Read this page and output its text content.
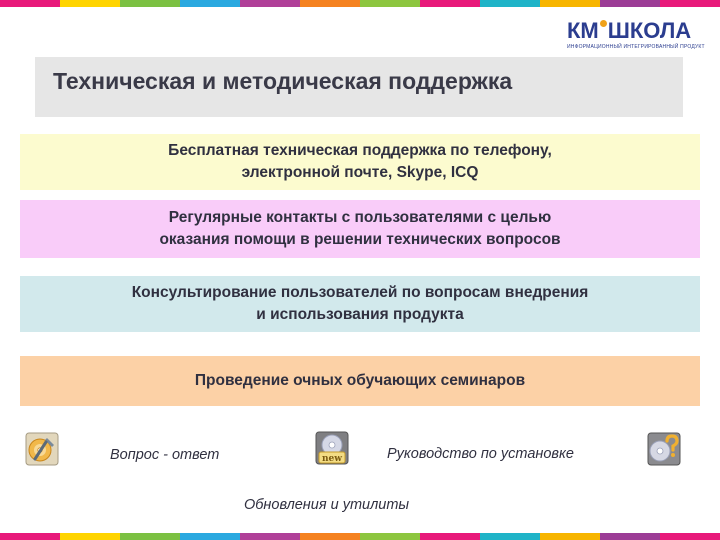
КМ ШКОЛА
ИНФОРМАЦИОННЫЙ ИНТЕГРИРОВАННЫЙ ПРОДУКТ
Техническая и методическая поддержка
Бесплатная техническая поддержка по телефону,
электронной почте, Skype, ICQ
Регулярные контакты с пользователями с целью
оказания помощи в решении технических вопросов
Консультирование пользователей по вопросам внедрения
и использования продукта
Проведение очных обучающих семинаров
new
Вопрос - ответ	Руководство по установке
Обновления и утилиты
